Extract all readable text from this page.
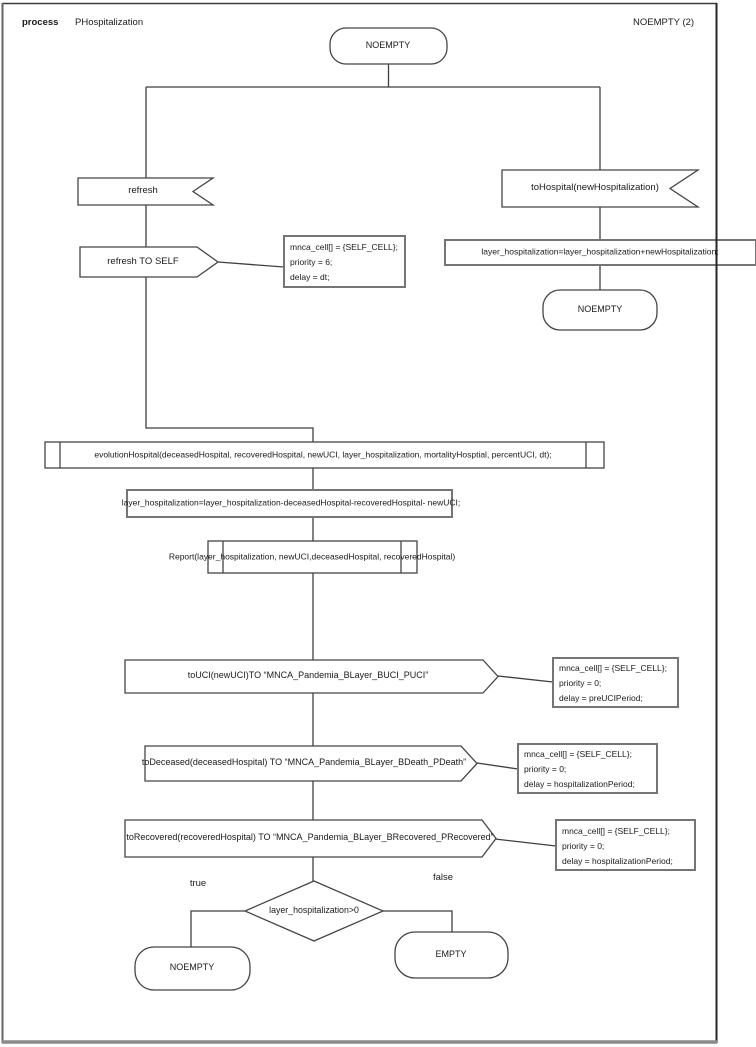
process PHospitalization	NOEMPTY (2)
NOEMPTY
NOEMPTY
NOEMPTY
EMPTY
refresh
refresh TO SELF
toHospital(newHospitalization)
toUCI(newUCI)TO “MNCA_Pandemia_BLayer_BUCI_PUCI”
toDeceased(deceasedHospital) TO “MNCA_Pandemia_BLayer_BDeath_PDeath”
toRecovered(recoveredHospital) TO “MNCA_Pandemia_BLayer_BRecovered_PRecovered”
layer_hospitalization=layer_hospitalization+newHospitalization;
layer_hospitalization=layer_hospitalization-deceasedHospital-recoveredHospital- newUCI;
evolutionHospital(deceasedHospital, recoveredHospital, newUCI, layer_hospitalization, mortalityHosptial, percentUCI, dt);
Report(layer_hospitalization, newUCI,deceasedHospital, recoveredHospital)
mnca_cell[] = {SELF_CELL};
priority = 6;
delay = dt;
mnca_cell[] = {SELF_CELL};
priority = 0;
delay = preUCIPeriod;
mnca_cell[] = {SELF_CELL};
priority = 0;
delay = hospitalizationPeriod;
mnca_cell[] = {SELF_CELL};
priority = 0;
delay = hospitalizationPeriod;
layer_hospitalization>0
true
false
